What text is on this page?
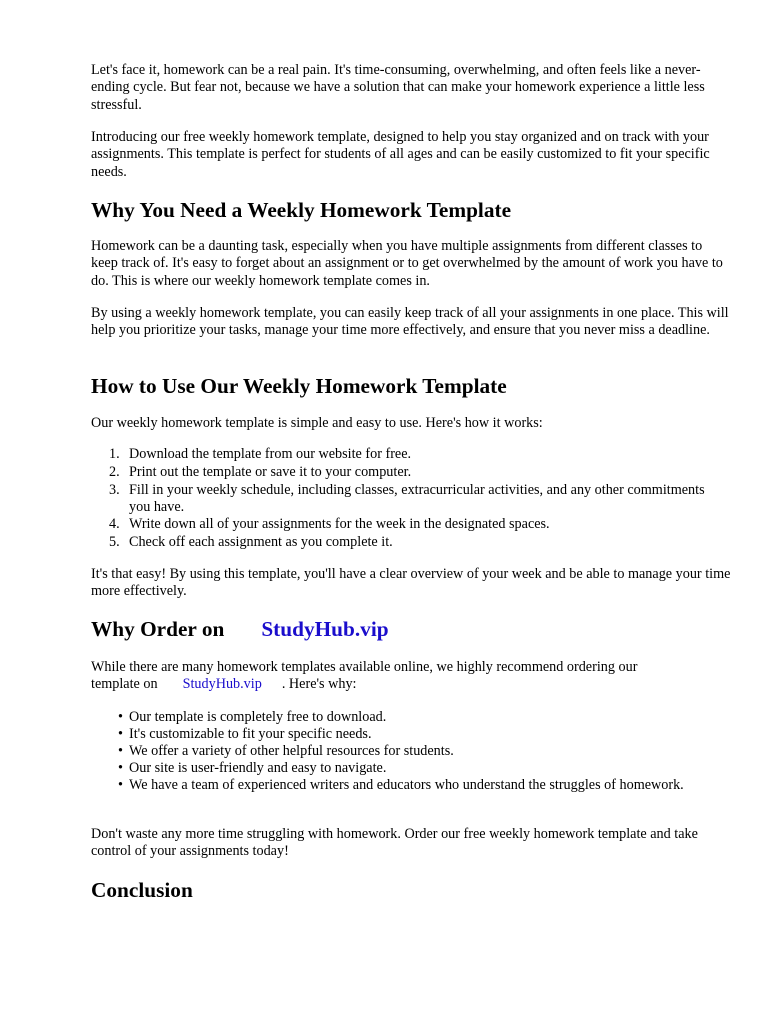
Let's face it, homework can be a real pain. It's time-consuming, overwhelming, and often feels like a never-ending cycle. But fear not, because we have a solution that can make your homework experience a little less stressful.

Introducing our free weekly homework template, designed to help you stay organized and on track with your assignments. This template is perfect for students of all ages and can be easily customized to fit your specific needs.

Why You Need a Weekly Homework Template

Homework can be a daunting task, especially when you have multiple assignments from different classes to keep track of. It's easy to forget about an assignment or to get overwhelmed by the amount of work you have to do. This is where our weekly homework template comes in.

By using a weekly homework template, you can easily keep track of all your assignments in one place. This will help you prioritize your tasks, manage your time more effectively, and ensure that you never miss a deadline.

How to Use Our Weekly Homework Template

Our weekly homework template is simple and easy to use. Here's how it works:

1. Download the template from our website for free.
2. Print out the template or save it to your computer.
3. Fill in your weekly schedule, including classes, extracurricular activities, and any other commitments you have.
4. Write down all of your assignments for the week in the designated spaces.
5. Check off each assignment as you complete it.

It's that easy! By using this template, you'll have a clear overview of your week and be able to manage your time more effectively.

Why Order on StudyHub.vip

While there are many homework templates available online, we highly recommend ordering our
template on StudyHub.vip . Here's why:

• Our template is completely free to download.
• It's customizable to fit your specific needs.
• We offer a variety of other helpful resources for students.
• Our site is user-friendly and easy to navigate.
• We have a team of experienced writers and educators who understand the struggles of homework.

Don't waste any more time struggling with homework. Order our free weekly homework template and take control of your assignments today!

Conclusion
